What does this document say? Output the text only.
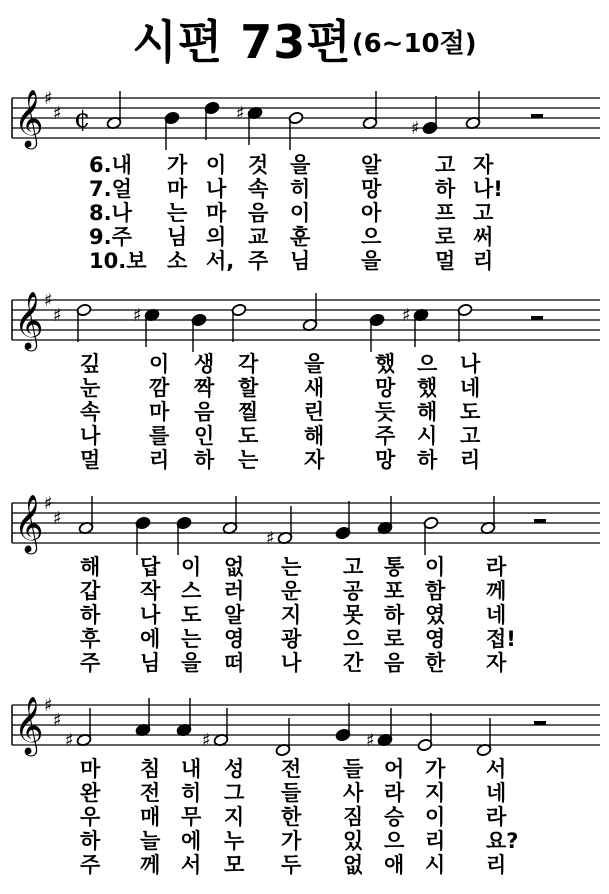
시편 73편(6~10절)
𝄞 ♯
♯ ¢	♯
♯
6.내 가 이 것 을 알	고 자
7.얼 마 나 속 히 망	하 나!
8.나 는 마 음 이 아	프 고
9.주 님 의 교 훈 으	로 써
10.보 소 서, 주 님 을	멀 리
𝄞 ♯
♯	♯	♯
깊 이 생 각 을 했 으 나
눈 깜 짝 할 새 망 했 네
속 마 음 찔 린 듯 해 도
나 를 인 도 해 주 시 고
멀 리 하 는 자 망 하 리
𝄞 ♯
♯
♯
해 답 이 없 는 고 통 이 라
갑 작 스 러 운 공 포 함 께
하 나 도 알 지 못 하 였 네
후 에 는 영 광 으 로 영 접!
주 님 을 떠 나 간 음 한 자
𝄞 ♯
♯
♯	♯	♯
마 침 내 성 전 들 어 가 서
완 전 히 그 들 사 라 지 네
우 매 무 지 한 짐 승 이 라
하 늘 에 누 가 있 으 리 요?
주 께 서 모 두 없 애 시 리
